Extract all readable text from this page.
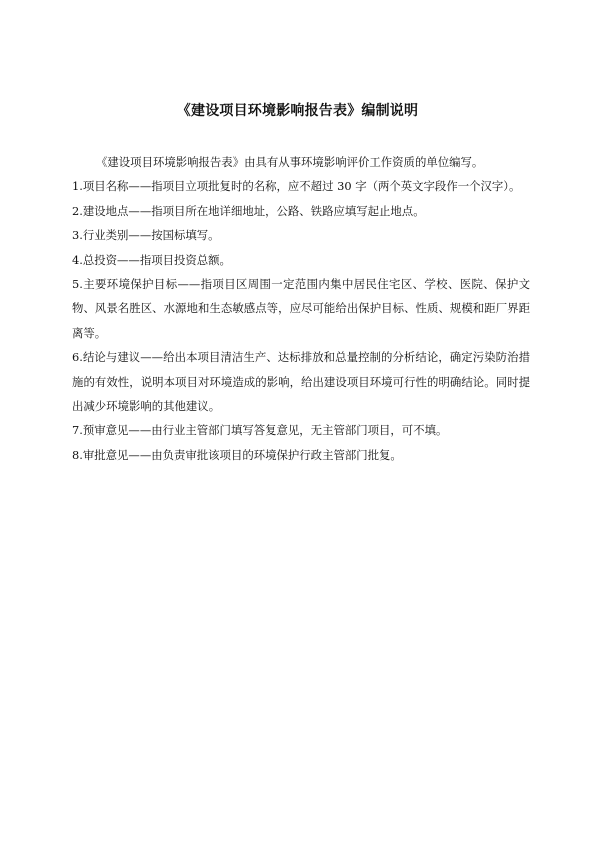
《建设项目环境影响报告表》编制说明

《建设项目环境影响报告表》由具有从事环境影响评价工作资质的单位编写。

1.项目名称——指项目立项批复时的名称，应不超过 30 字（两个英文字段作一个汉字）。

2.建设地点——指项目所在地详细地址，公路、铁路应填写起止地点。

3.行业类别——按国标填写。

4.总投资——指项目投资总额。

5.主要环境保护目标——指项目区周围一定范围内集中居民住宅区、学校、医院、保护文物、风景名胜区、水源地和生态敏感点等，应尽可能给出保护目标、性质、规模和距厂界距离等。

6.结论与建议——给出本项目清洁生产、达标排放和总量控制的分析结论，确定污染防治措施的有效性，说明本项目对环境造成的影响，给出建设项目环境可行性的明确结论。同时提出减少环境影响的其他建议。

7.预审意见——由行业主管部门填写答复意见，无主管部门项目，可不填。

8.审批意见——由负责审批该项目的环境保护行政主管部门批复。
